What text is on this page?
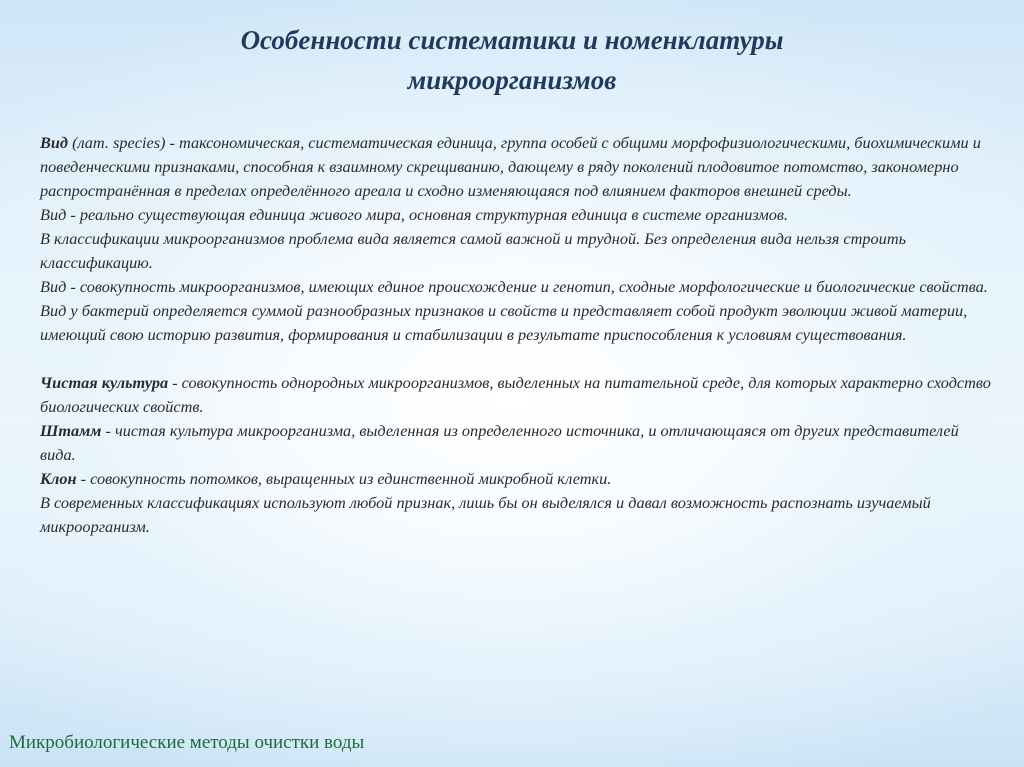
Особенности систематики и номенклатуры
микроорганизмов

Вид (лат. species) - таксономическая, систематическая единица, группа особей с общими морфофизиологическими, биохимическими и поведенческими признаками, способная к взаимному скрещиванию, дающему в ряду поколений плодовитое потомство, закономерно распространённая в пределах определённого ареала и сходно изменяющаяся под влиянием факторов внешней среды.

Вид - реально существующая единица живого мира, основная структурная единица в системе организмов.

В классификации микроорганизмов проблема вида является самой важной и трудной. Без определения вида нельзя строить классификацию.

Вид - совокупность микроорганизмов, имеющих единое происхождение и генотип, сходные морфологические и биологические свойства.

Вид у бактерий определяется суммой разнообразных признаков и свойств и представляет собой продукт эволюции живой материи, имеющий свою историю развития, формирования и стабилизации в результате приспособления к условиям существования.

Чистая культура - совокупность однородных микроорганизмов, выделенных на питательной среде, для которых характерно сходство биологических свойств.

Штамм - чистая культура микроорганизма, выделенная из определенного источника, и отличающаяся от других представителей вида.

Клон - совокупность потомков, выращенных из единственной микробной клетки.

В современных классификациях используют любой признак, лишь бы он выделялся и давал возможность распознать изучаемый микроорганизм.

Микробиологические методы очистки воды
